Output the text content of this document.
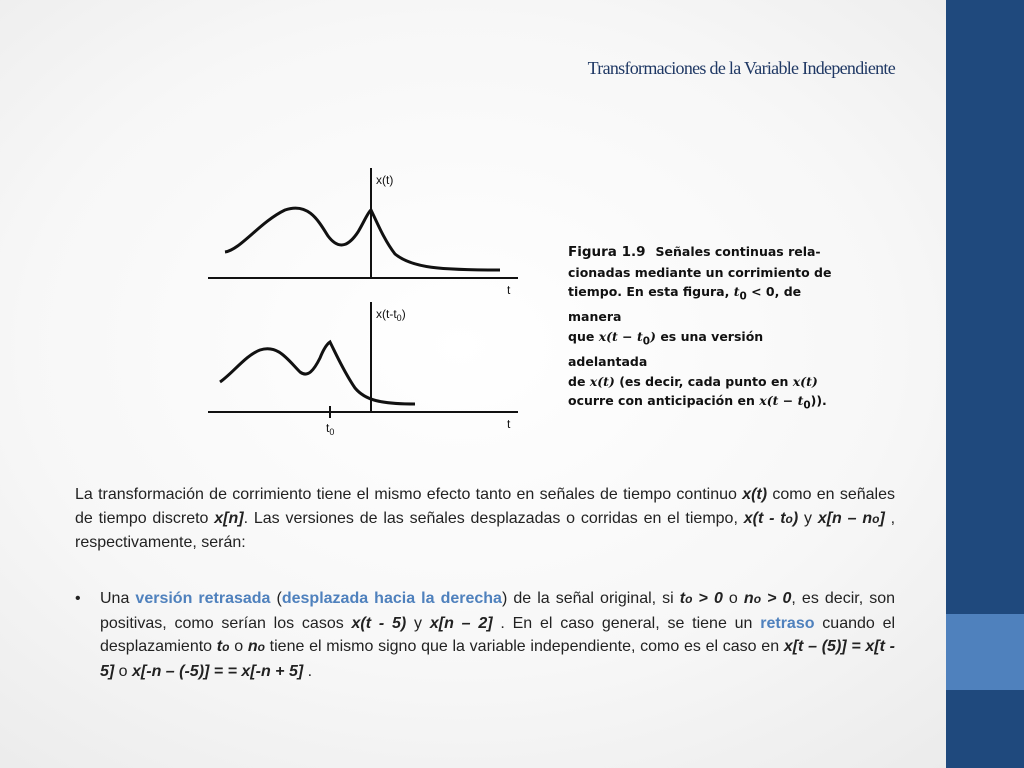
Transformaciones de la Variable Independiente
x(t)
t
$x(t-t_0)$
$t_0$
t
Figura 1.9 Señales continuas rela-
cionadas mediante un corrimiento de
tiempo. En esta figura, $t_0 < 0$, de manera
que $x(t - t_0)$ es una versión adelantada
de x(t) (es decir, cada punto en x(t)
ocurre con anticipación en $x(t - t_0)$).
La transformación de corrimiento tiene el mismo efecto tanto en señales de tiempo continuo x(t) como en señales de tiempo discreto x[n]. Las versiones de las señales desplazadas o corridas en el tiempo, x(t - to) y x[n – no] , respectivamente, serán:
•	Una versión retrasada (desplazada hacia la derecha) de la señal original, si to > 0 o no > 0, es decir, son positivas, como serían los casos x(t - 5) y x[n – 2] . En el caso general, se tiene un retraso cuando el desplazamiento to o no tiene el mismo signo que la variable independiente, como es el caso en x[t – (5)] = x[t - 5] o x[-n – (-5)] = = x[-n + 5] .
